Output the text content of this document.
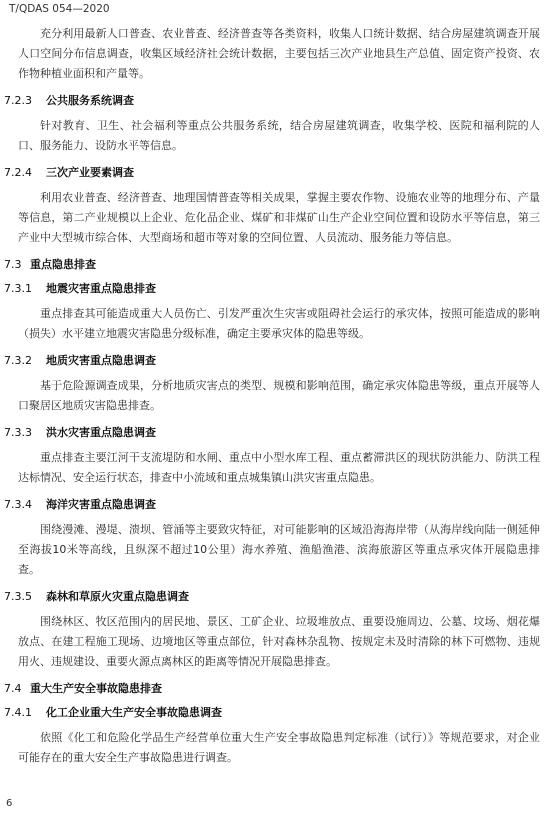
T/QDAS 054—2020

充分利用最新人口普查、农业普查、经济普查等各类资料，收集人口统计数据、结合房屋建筑调查开展人口空间分布信息调查，收集区域经济社会统计数据，主要包括三次产业地县生产总值、固定资产投资、农作物种植业面积和产量等。

7.2.3 公共服务系统调查

针对教育、卫生、社会福利等重点公共服务系统，结合房屋建筑调查，收集学校、医院和福利院的人口、服务能力、设防水平等信息。

7.2.4 三次产业要素调查

利用农业普查、经济普查、地理国情普查等相关成果，掌握主要农作物、设施农业等的地理分布、产量等信息，第二产业规模以上企业、危化品企业、煤矿和非煤矿山生产企业空间位置和设防水平等信息，第三产业中大型城市综合体、大型商场和超市等对象的空间位置、人员流动、服务能力等信息。

7.3 重点隐患排查
7.3.1 地震灾害重点隐患排查

重点排查其可能造成重大人员伤亡、引发严重次生灾害或阻碍社会运行的承灾体，按照可能造成的影响（损失）水平建立地震灾害隐患分级标准，确定主要承灾体的隐患等级。

7.3.2 地质灾害重点隐患调查

基于危险源调查成果，分析地质灾害点的类型、规模和影响范围，确定承灾体隐患等级，重点开展等人口聚居区地质灾害隐患排查。

7.3.3 洪水灾害重点隐患调查

重点排查主要江河干支流堤防和水闸、重点中小型水库工程、重点蓄滞洪区的现状防洪能力、防洪工程达标情况、安全运行状态，排查中小流域和重点城集镇山洪灾害重点隐患。

7.3.4 海洋灾害重点隐患调查

围绕漫滩、漫堤、溃坝、管涌等主要致灾特征，对可能影响的区域沿海海岸带（从海岸线向陆一侧延伸至海拔10米等高线，且纵深不超过10公里）海水养殖、渔船渔港、滨海旅游区等重点承灾体开展隐患排查。

7.3.5 森林和草原火灾重点隐患调查

围绕林区、牧区范围内的居民地、景区、工矿企业、垃圾堆放点、重要设施周边、公墓、坟场、烟花爆放点、在建工程施工现场、边境地区等重点部位，针对森林杂乱物、按规定未及时清除的林下可燃物、违规用火、违规建设、重要火源点离林区的距离等情况开展隐患排查。

7.4 重大生产安全事故隐患排查
7.4.1 化工企业重大生产安全事故隐患调查

依照《化工和危险化学品生产经营单位重大生产安全事故隐患判定标准（试行）》等规范要求，对企业可能存在的重大安全生产事故隐患进行调查。

6
